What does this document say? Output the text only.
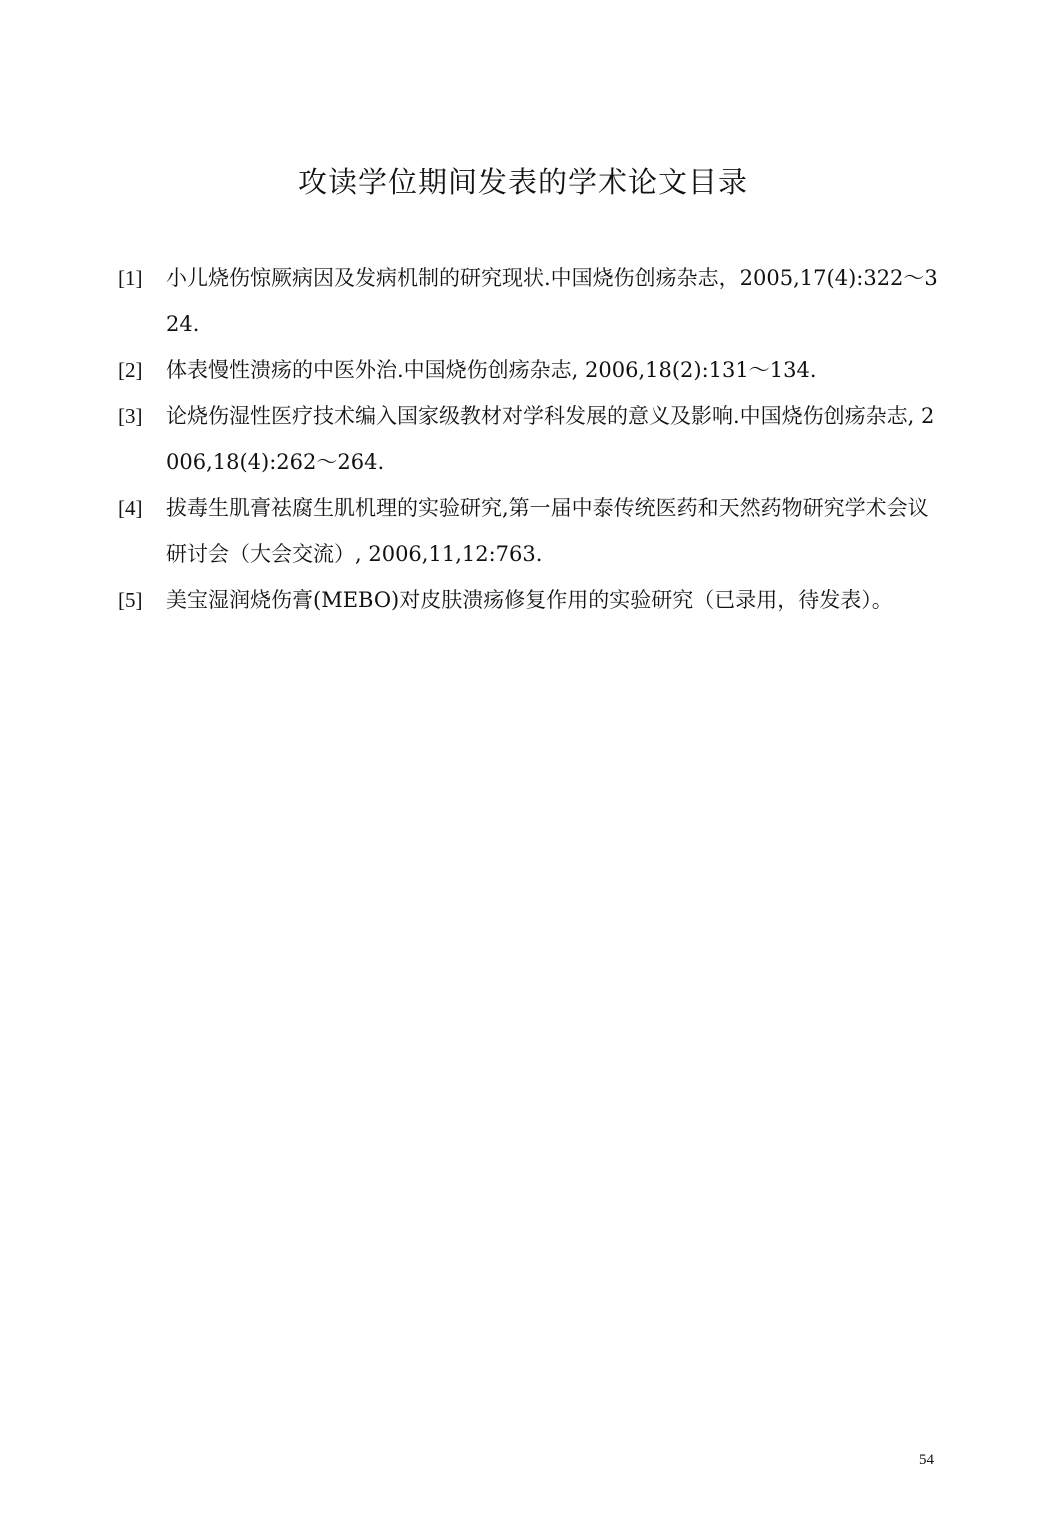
攻读学位期间发表的学术论文目录
[1] 小儿烧伤惊厥病因及发病机制的研究现状.中国烧伤创疡杂志，2005,17(4):322～324.
[2] 体表慢性溃疡的中医外治.中国烧伤创疡杂志, 2006,18(2):131～134.
[3] 论烧伤湿性医疗技术编入国家级教材对学科发展的意义及影响.中国烧伤创疡杂志, 2006,18(4):262～264.
[4] 拔毒生肌膏祛腐生肌机理的实验研究,第一届中泰传统医药和天然药物研究学术会议研讨会（大会交流）, 2006,11,12:763.
[5] 美宝湿润烧伤膏(MEBO)对皮肤溃疡修复作用的实验研究（已录用，待发表）。
54
